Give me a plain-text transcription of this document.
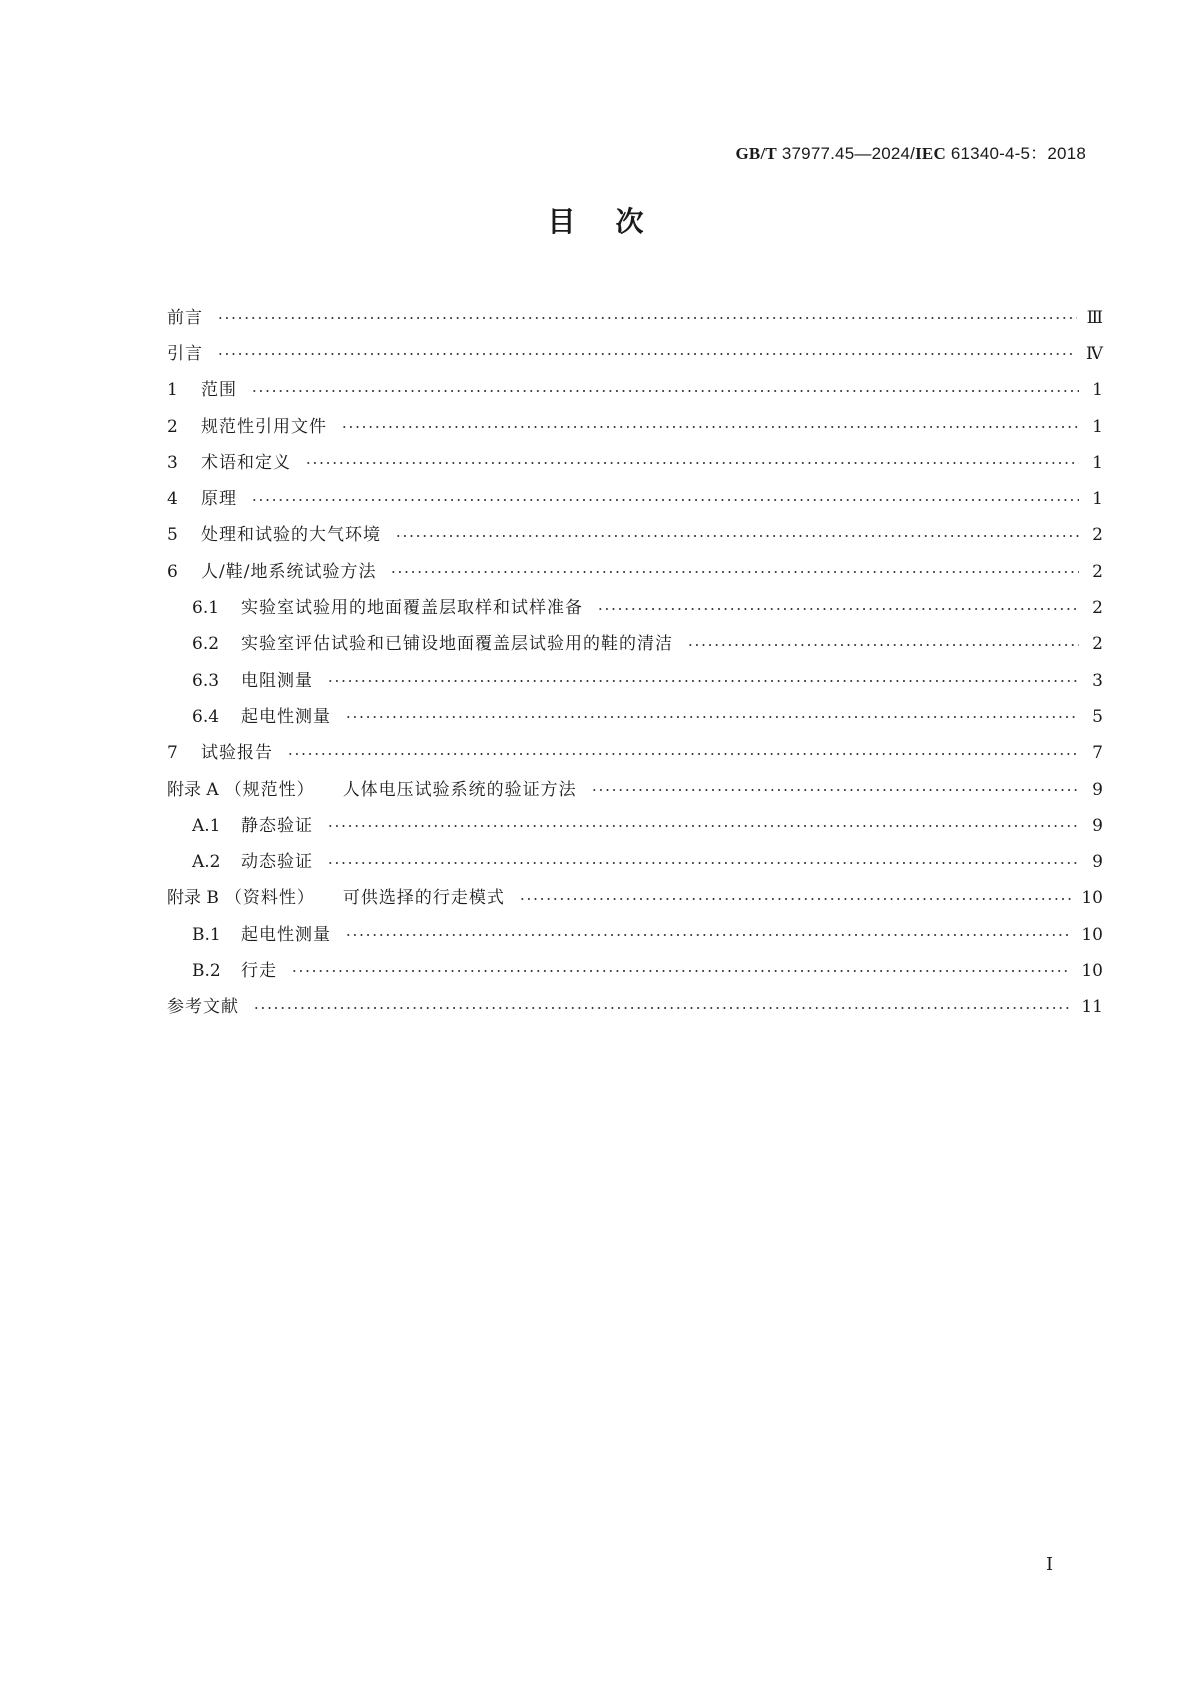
GB/T 37977.45—2024/IEC 61340-4-5：2018
目次
前言	Ⅲ
引言	Ⅳ
1	范围	1
2	规范性引用文件	1
3	术语和定义	1
4	原理	1
5	处理和试验的大气环境	2
6	人/鞋/地系统试验方法	2
6.1	实验室试验用的地面覆盖层取样和试样准备	2
6.2	实验室评估试验和已铺设地面覆盖层试验用的鞋的清洁	2
6.3	电阻测量	3
6.4	起电性测量	5
7	试验报告	7
附录 A （规范性） 人体电压试验系统的验证方法	9
A.1	静态验证	9
A.2	动态验证	9
附录 B （资料性） 可供选择的行走模式	10
B.1	起电性测量	10
B.2	行走	10
参考文献	11
I
